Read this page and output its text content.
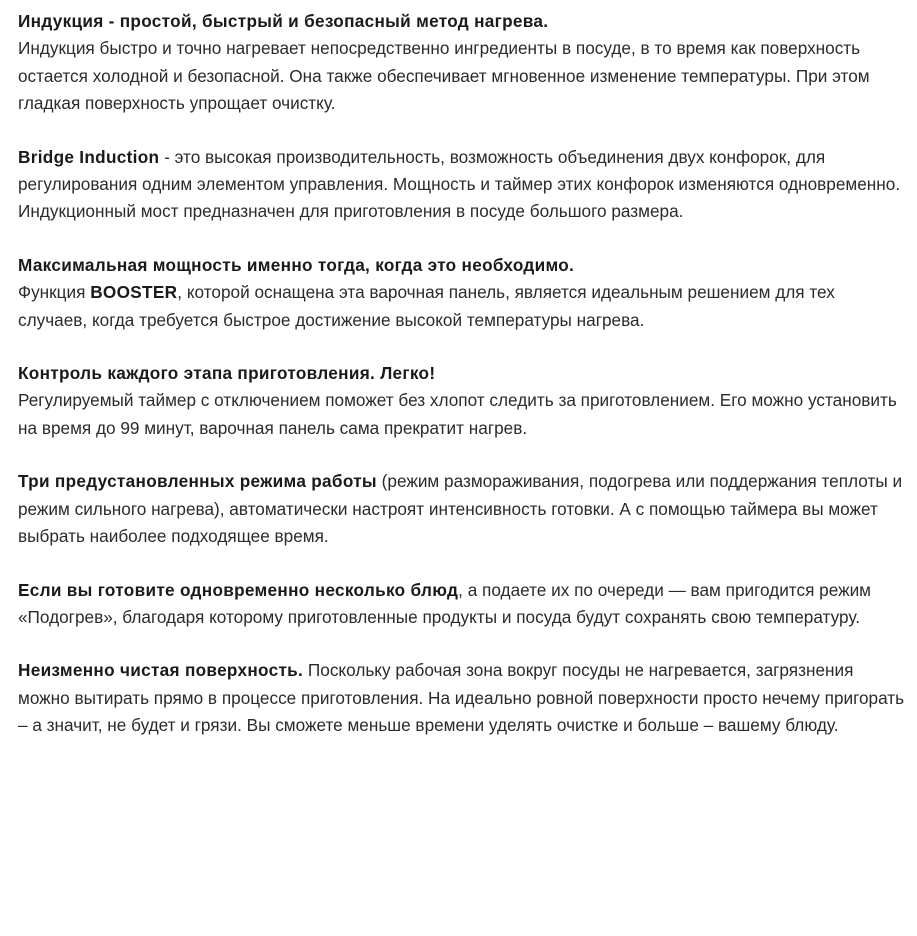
Индукция - простой, быстрый и безопасный метод нагрева.
Индукция быстро и точно нагревает непосредственно ингредиенты в посуде, в то время как поверхность остается холодной и безопасной. Она также обеспечивает мгновенное изменение температуры. При этом гладкая поверхность упрощает очистку.

Bridge Induction - это высокая производительность, возможность объединения двух конфорок, для регулирования одним элементом управления. Мощность и таймер этих конфорок изменяются одновременно. Индукционный мост предназначен для приготовления в посуде большого размера.

Максимальная мощность именно тогда, когда это необходимо.
Функция BOOSTER, которой оснащена эта варочная панель, является идеальным решением для тех случаев, когда требуется быстрое достижение высокой температуры нагрева.

Контроль каждого этапа приготовления. Легко!
Регулируемый таймер с отключением поможет без хлопот следить за приготовлением. Его можно установить на время до 99 минут, варочная панель сама прекратит нагрев.

Три предустановленных режима работы (режим размораживания, подогрева или поддержания теплоты и режим сильного нагрева), автоматически настроят интенсивность готовки. А с помощью таймера вы может выбрать наиболее подходящее время.

Если вы готовите одновременно несколько блюд, а подаете их по очереди — вам пригодится режим «Подогрев», благодаря которому приготовленные продукты и посуда будут сохранять свою температуру.

Неизменно чистая поверхность. Поскольку рабочая зона вокруг посуды не нагревается, загрязнения можно вытирать прямо в процессе приготовления. На идеально ровной поверхности просто нечему пригорать – а значит, не будет и грязи. Вы сможете меньше времени уделять очистке и больше – вашему блюду.
